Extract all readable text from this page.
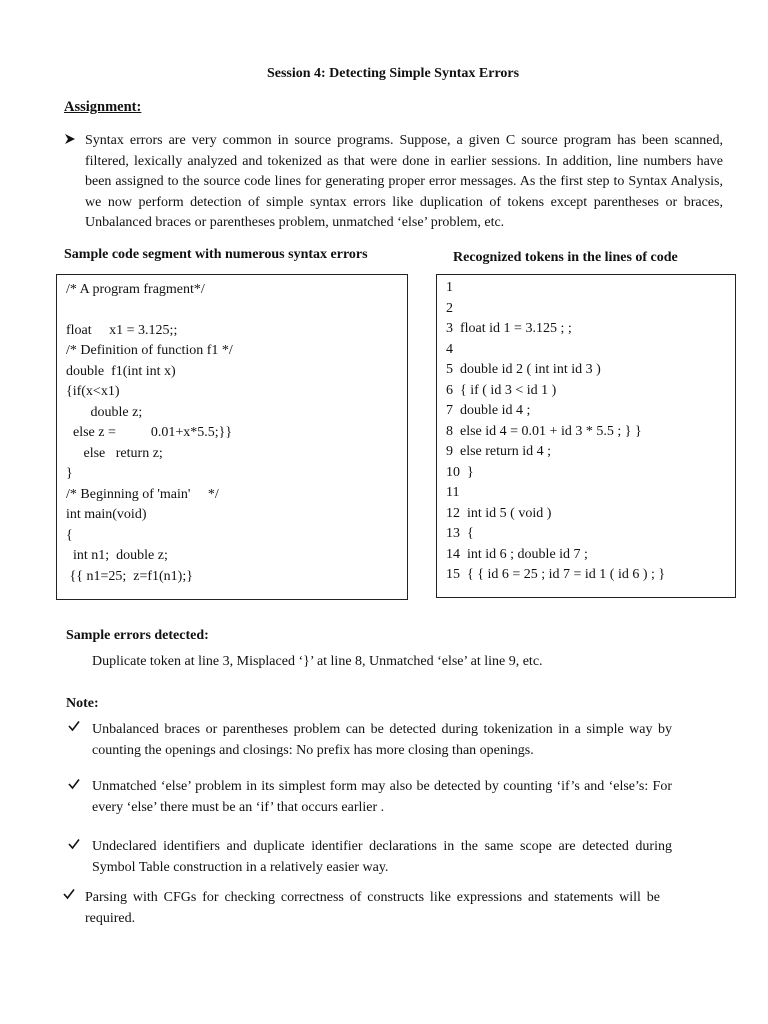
Session 4: Detecting Simple Syntax Errors
Assignment:
Syntax errors are very common in source programs. Suppose, a given C source program has been scanned, filtered, lexically analyzed and tokenized as that were done in earlier sessions. In addition, line numbers have been assigned to the source code lines for generating proper error messages. As the first step to Syntax Analysis, we now perform detection of simple syntax errors like duplication of tokens except parentheses or braces, Unbalanced braces or parentheses problem, unmatched ‘else’ problem, etc.
Sample code segment with numerous syntax errors	Recognized tokens in the lines of code
/* A program fragment*/
float     x1 = 3.125;;
/* Definition of function f1 */
double  f1(int int x)
{if(x<x1)
double z;
else z =          0.01+x*5.5;}}
else   return z;
}
/* Beginning of 'main'     */
int main(void)
{
int n1;  double z;
{{ n1=25;  z=f1(n1);}
1
2
3  float id 1 = 3.125 ; ;
4
5  double id 2 ( int int id 3 )
6  { if ( id 3 < id 1 )
7  double id 4 ;
8  else id 4 = 0.01 + id 3 * 5.5 ; } }
9  else return id 4 ;
10  }
11
12  int id 5 ( void )
13  {
14  int id 6 ; double id 7 ;
15  { { id 6 = 25 ; id 7 = id 1 ( id 6 ) ; }
Sample errors detected:
Duplicate token at line 3, Misplaced ‘}’ at line 8, Unmatched ‘else’ at line 9, etc.
Note:
Unbalanced braces or parentheses problem can be detected during tokenization in a simple way by counting the openings and closings: No prefix has more closing than openings.
Unmatched ‘else’ problem in its simplest form may also be detected by counting ‘if’s and ‘else’s: For every ‘else’ there must be an ‘if’ that occurs earlier .
Undeclared identifiers and duplicate identifier declarations in the same scope are detected during Symbol Table construction in a relatively easier way.
Parsing with CFGs for checking correctness of constructs like expressions and statements will be required.
